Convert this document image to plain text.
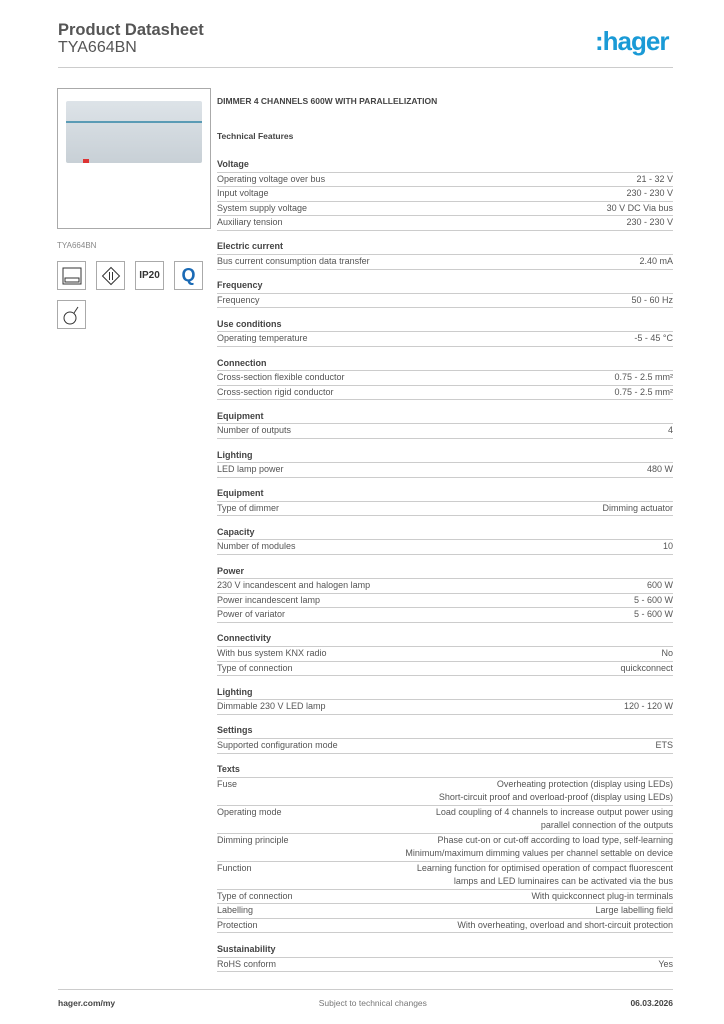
Product Datasheet
TYA664BN	:hager
TYA664BN
IP20	Q
DIMMER 4 CHANNELS 600W WITH PARALLELIZATION
Technical Features
Voltage
Operating voltage over bus	21 - 32 V
Input voltage	230 - 230 V
System supply voltage	30 V DC Via bus
Auxiliary tension	230 - 230 V
Electric current
Bus current consumption data transfer	2.40 mA
Frequency
Frequency	50 - 60 Hz
Use conditions
Operating temperature	-5 - 45 °C
Connection
Cross-section flexible conductor	0.75 - 2.5 mm²
Cross-section rigid conductor	0.75 - 2.5 mm²
Equipment
Number of outputs	4
Lighting
LED lamp power	480 W
Equipment
Type of dimmer	Dimming actuator
Capacity
Number of modules	10
Power
230 V incandescent and halogen lamp	600 W
Power incandescent lamp	5 - 600 W
Power of variator	5 - 600 W
Connectivity
With bus system KNX radio	No
Type of connection	quickconnect
Lighting
Dimmable 230 V LED lamp	120 - 120 W
Settings
Supported configuration mode	ETS
Texts
Fuse	Overheating protection (display using LEDs)
Short-circuit proof and overload-proof (display using LEDs)
Operating mode	Load coupling of 4 channels to increase output power using
parallel connection of the outputs
Dimming principle	Phase cut-on or cut-off according to load type, self-learning
Minimum/maximum dimming values per channel settable on device
Function	Learning function for optimised operation of compact fluorescent
lamps and LED luminaires can be activated via the bus
Type of connection	With quickconnect plug-in terminals
Labelling	Large labelling field
Protection	With overheating, overload and short-circuit protection
Sustainability
RoHS conform	Yes
hager.com/my	Subject to technical changes	06.03.2026
